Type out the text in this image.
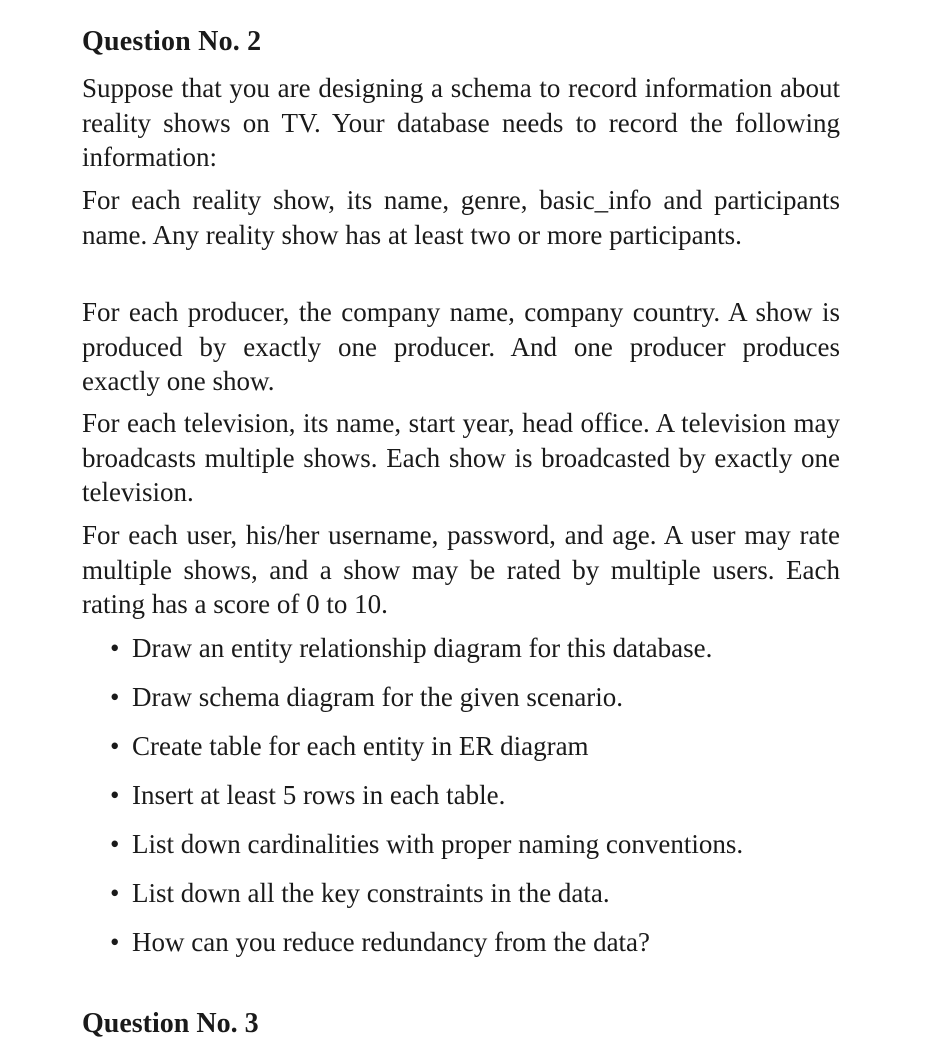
Question No. 2

Suppose that you are designing a schema to record information about reality shows on TV. Your database needs to record the following information:

For each reality show, its name, genre, basic_info and participants name. Any reality show has at least two or more participants.

For each producer, the company name, company country. A show is produced by exactly one producer. And one producer produces exactly one show.

For each television, its name, start year, head office. A television may broadcasts multiple shows. Each show is broadcasted by exactly one television.

For each user, his/her username, password, and age. A user may rate multiple shows, and a show may be rated by multiple users. Each rating has a score of 0 to 10.

• Draw an entity relationship diagram for this database.
• Draw schema diagram for the given scenario.
• Create table for each entity in ER diagram
• Insert at least 5 rows in each table.
• List down cardinalities with proper naming conventions.
• List down all the key constraints in the data.
• How can you reduce redundancy from the data?
Question No. 3
